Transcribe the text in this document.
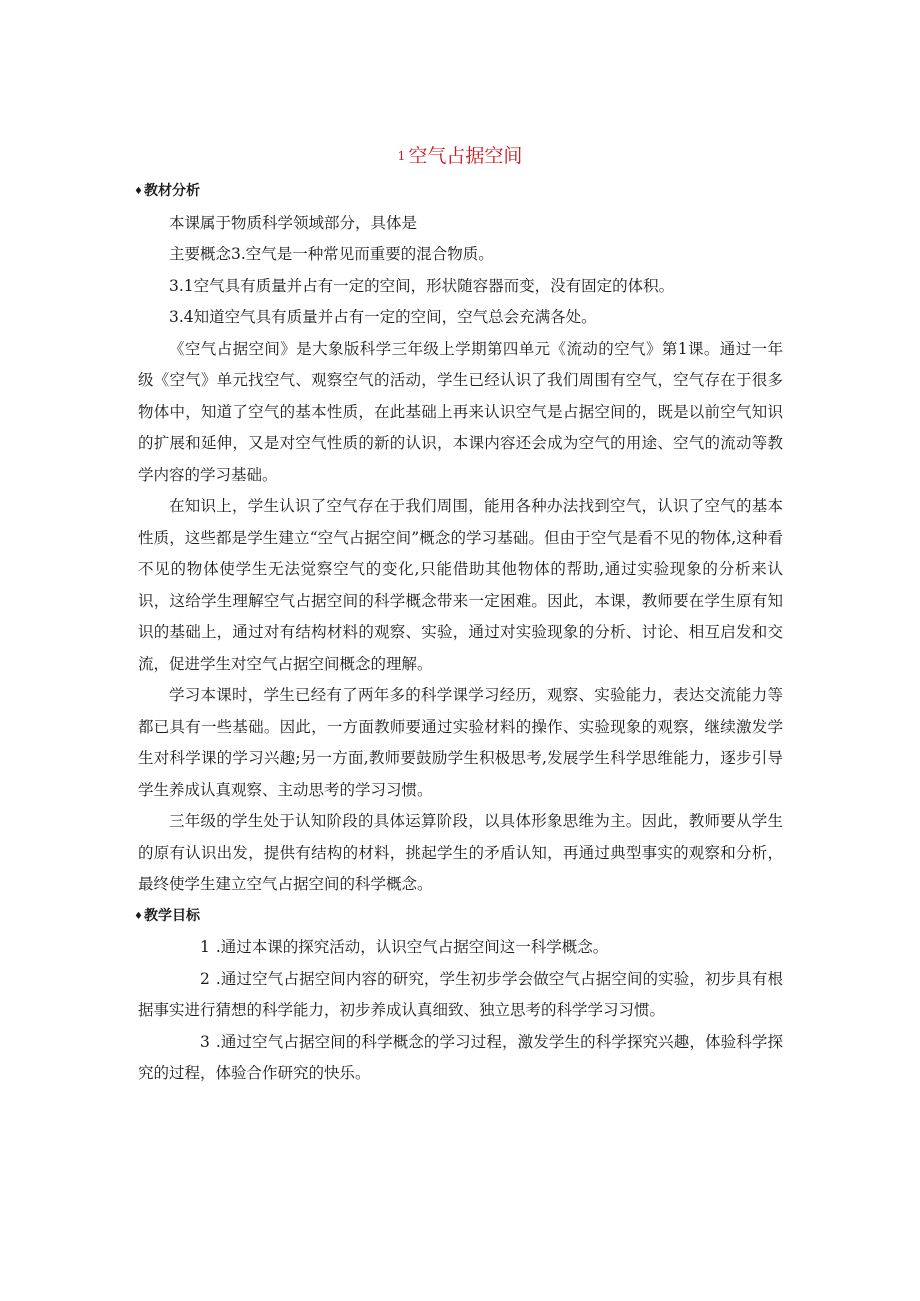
1 空气占据空间
♦教材分析
本课属于物质科学领域部分，具体是
主要概念3.空气是一种常见而重要的混合物质。
3.1空气具有质量并占有一定的空间，形状随容器而变，没有固定的体积。
3.4知道空气具有质量并占有一定的空间，空气总会充满各处。

《空气占据空间》是大象版科学三年级上学期第四单元《流动的空气》第1课。通过一年级《空气》单元找空气、观察空气的活动，学生已经认识了我们周围有空气，空气存在于很多物体中，知道了空气的基本性质，在此基础上再来认识空气是占据空间的，既是以前空气知识的扩展和延伸，又是对空气性质的新的认识，本课内容还会成为空气的用途、空气的流动等教学内容的学习基础。

在知识上，学生认识了空气存在于我们周围，能用各种办法找到空气，认识了空气的基本性质，这些都是学生建立“空气占据空间”概念的学习基础。但由于空气是看不见的物体,这种看不见的物体使学生无法觉察空气的变化,只能借助其他物体的帮助,通过实验现象的分析来认识，这给学生理解空气占据空间的科学概念带来一定困难。因此，本课，教师要在学生原有知识的基础上，通过对有结构材料的观察、实验，通过对实验现象的分析、讨论、相互启发和交流，促进学生对空气占据空间概念的理解。

学习本课时，学生已经有了两年多的科学课学习经历，观察、实验能力，表达交流能力等都已具有一些基础。因此，一方面教师要通过实验材料的操作、实验现象的观察，继续激发学生对科学课的学习兴趣;另一方面,教师要鼓励学生积极思考,发展学生科学思维能力，逐步引导学生养成认真观察、主动思考的学习习惯。

三年级的学生处于认知阶段的具体运算阶段，以具体形象思维为主。因此，教师要从学生的原有认识出发，提供有结构的材料，挑起学生的矛盾认知，再通过典型事实的观察和分析，最终使学生建立空气占据空间的科学概念。

♦教学目标

1 .通过本课的探究活动，认识空气占据空间这一科学概念。

2 .通过空气占据空间内容的研究，学生初步学会做空气占据空间的实验，初步具有根据事实进行猜想的科学能力，初步养成认真细致、独立思考的科学学习习惯。

3 .通过空气占据空间的科学概念的学习过程，激发学生的科学探究兴趣，体验科学探究的过程，体验合作研究的快乐。
